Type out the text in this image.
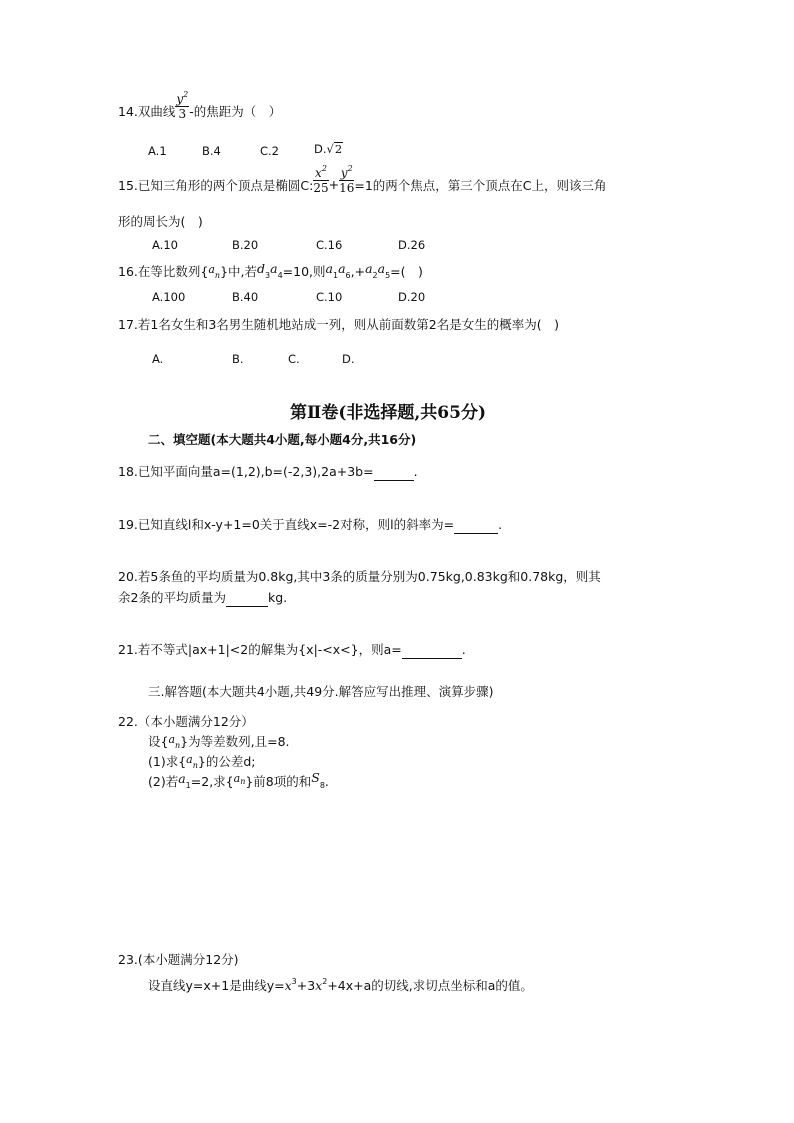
14.双曲线 $\frac{y^2}{3}$ -的焦距为（　）
A.1	B.4	C.2	D.√2
15.已知三角形的两个顶点是椭圆C: $\frac{x^2}{25} + \frac{y^2}{16} =1$的两个焦点，第三个顶点在C上，则该三角
形的周长为(　)
A.10	B.20	C.16	D.26
16.在等比数列$\{a_n\}$中,若$d_3a_4=10$,则$a_1a_6,+a_2a_5=$(　)
A.100	B.40	C.10	D.20
17.若1名女生和3名男生随机地站成一列，则从前面数第2名是女生的概率为(　)
A.	B.	C.	D.
第Ⅱ卷(非选择题,共65分)
二、填空题(本大题共4小题,每小题4分,共16分)
18.已知平面向量a=(1,2),b=(-2,3),2a+3b=	.
19.已知直线l和x-y+1=0关于直线x=-2对称，则l的斜率为=	.
20.若5条鱼的平均质量为0.8kg,其中3条的质量分别为0.75kg,0.83kg和0.78kg，则其
余2条的平均质量为	kg.
21.若不等式|ax+1|<2的解集为{x|-<x<}，则a=	.
三.解答题(本大题共4小题,共49分.解答应写出推理、演算步骤)
22.（本小题满分12分）
设$\{a_n\}$为等差数列,且=8.
(1)求$\{a_n\}$的公差d;
(2)若$a_1=2$,求$\{a^n\}$前8项的和$S_8$.
23.(本小题满分12分)
设直线y=x+1是曲线$y=x^3+3x^2+4x+a$的切线,求切点坐标和a的值。
